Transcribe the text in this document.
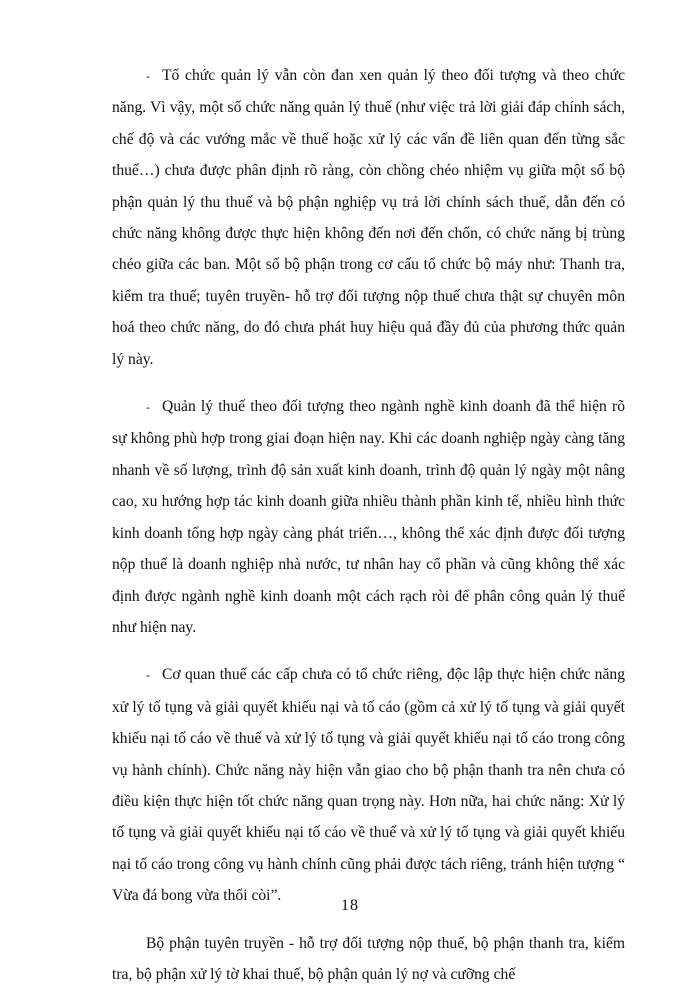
- Tổ chức quản lý vẫn còn đan xen quản lý theo đối tượng và theo chức năng. Vì vậy, một số chức năng quản lý thuế (như việc trả lời giải đáp chính sách, chế độ và các vướng mắc về thuế hoặc xử lý các vấn đề liên quan đến từng sắc thuế…) chưa được phân định rõ ràng, còn chồng chéo nhiệm vụ giữa một số bộ phận quản lý thu thuế và bộ phận nghiệp vụ trả lời chính sách thuế, dẫn đến có chức năng không được thực hiện không đến nơi đến chốn, có chức năng bị trùng chéo giữa các ban. Một số bộ phận trong cơ cấu tổ chức bộ máy như: Thanh tra, kiểm tra thuế; tuyên truyền- hỗ trợ đối tượng nộp thuế chưa thật sự chuyên môn hoá theo chức năng, do đó chưa phát huy hiệu quả đầy đủ của phương thức quản lý này.

- Quản lý thuế theo đối tượng theo ngành nghề kinh doanh đã thể hiện rõ sự không phù hợp trong giai đoạn hiện nay. Khi các doanh nghiệp ngày càng tăng nhanh về số lượng, trình độ sản xuất kinh doanh, trình độ quản lý ngày một nâng cao, xu hướng hợp tác kinh doanh giữa nhiều thành phần kinh tế, nhiều hình thức kinh doanh tổng hợp ngày càng phát triển…, không thể xác định được đối tượng nộp thuế là doanh nghiệp nhà nước, tư nhân hay cổ phần và cũng không thể xác định được ngành nghề kinh doanh một cách rạch ròi để phân công quản lý thuế như hiện nay.

- Cơ quan thuế các cấp chưa có tổ chức riêng, độc lập thực hiện chức năng xử lý tố tụng và giải quyết khiếu nại và tố cáo (gồm cả xử lý tố tụng và giải quyết khiếu nại tố cáo về thuế và xử lý tố tụng và giải quyết khiếu nại tố cáo trong công vụ hành chính). Chức năng này hiện vẫn giao cho bộ phận thanh tra nên chưa có điều kiện thực hiện tốt chức năng quan trọng này. Hơn nữa, hai chức năng: Xử lý tố tụng và giải quyết khiếu nại tố cáo về thuế và xử lý tố tụng và giải quyết khiếu nại tố cáo trong công vụ hành chính cũng phải được tách riêng, tránh hiện tượng “ Vừa đá bong vừa thổi còi”.

Bộ phận tuyên truyền - hỗ trợ đối tượng nộp thuế, bộ phận thanh tra, kiểm tra, bộ phận xử lý tờ khai thuế, bộ phận quản lý nợ và cưỡng chế

18
